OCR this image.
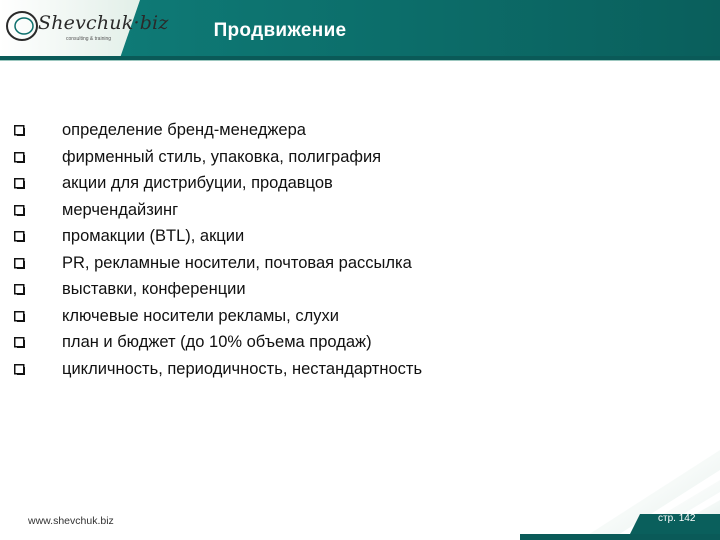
Shevchuk·biz
consulting & training	Продвижение
определение бренд-менеджера
фирменный стиль, упаковка, полиграфия
акции для дистрибуции, продавцов
мерчендайзинг
промакции (BTL), акции
PR, рекламные носители, почтовая рассылка
выставки, конференции
ключевые носители рекламы, слухи
план и бюджет (до 10% объема продаж)
цикличность, периодичность, нестандартность
www.shevchuk.biz	стр. 142
